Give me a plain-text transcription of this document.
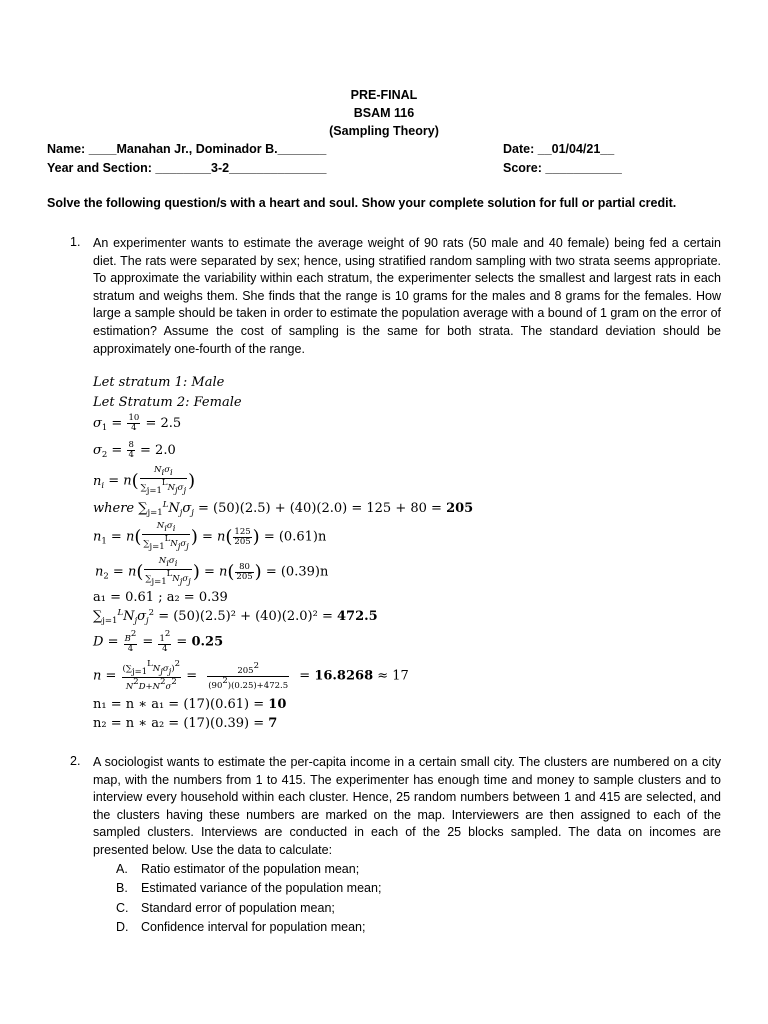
PRE-FINAL
BSAM 116
(Sampling Theory)
Name: ____Manahan Jr., Dominador B._______	Date: __01/04/21__
Year and Section: ________3-2______________	Score: ___________
Solve the following question/s with a heart and soul. Show your complete solution for full or partial credit.
1. An experimenter wants to estimate the average weight of 90 rats (50 male and 40 female) being fed a certain diet. The rats were separated by sex; hence, using stratified random sampling with two strata seems appropriate. To approximate the variability within each stratum, the experimenter selects the smallest and largest rats in each stratum and weighs them. She finds that the range is 10 grams for the males and 8 grams for the females. How large a sample should be taken in order to estimate the population average with a bound of 1 gram on the error of estimation? Assume the cost of sampling is the same for both strata. The standard deviation should be approximately one-fourth of the range.
Let stratum 1: Male
Let Stratum 2: Female
$\sigma_1 = \frac{10}{4} = 2.5$
$\sigma_2 = \frac{8}{4} = 2.0$
$n_i = n( \frac{\text{Niσi}}{\text{∑j=1LNjσj}}$ )
where $\sum_{j=1}^LN_j\sigma_j = (50)(2.5) + (40)(2.0) = 125 + 80 = 205$
$n_1 = n( \frac{\text{Niσi}}{\text{∑j=1LNjσj}}$ ) = $n( \frac{125}{205}$ ) = (0.61)n
$n_2 = n( \frac{\text{Niσi}}{\text{∑j=1LNjσj}}$ ) = $n( \frac{80}{205}$ ) = (0.39)n
a₁ = 0.61 ; a₂ = 0.39
$\sum_{j=1}^LN_j\sigma_j^2 = (50)(2.5)^2 + (40)(2.0)^2 = 472.5$
$D = \frac{B2}{4} = \frac{12}{4} = 0.25$
$n = \frac{\text{(∑j=1LNjσj)2}}{N2D+N2\sigma 2} = \frac{2052}{(902)(0.25)+472.5} = 16.8268 \approx 17$
n₁ = n ∗ a₁ = (17)(0.61) = 10
n₂ = n ∗ a₂ = (17)(0.39) = 7
2. A sociologist wants to estimate the per-capita income in a certain small city. The clusters are numbered on a city map, with the numbers from 1 to 415. The experimenter has enough time and money to sample clusters and to interview every household within each cluster. Hence, 25 random numbers between 1 and 415 are selected, and the clusters having these numbers are marked on the map. Interviewers are then assigned to each of the sampled clusters. Interviews are conducted in each of the 25 blocks sampled. The data on incomes are presented below. Use the data to calculate:
A. Ratio estimator of the population mean;
B. Estimated variance of the population mean;
C. Standard error of population mean;
D. Confidence interval for population mean;
